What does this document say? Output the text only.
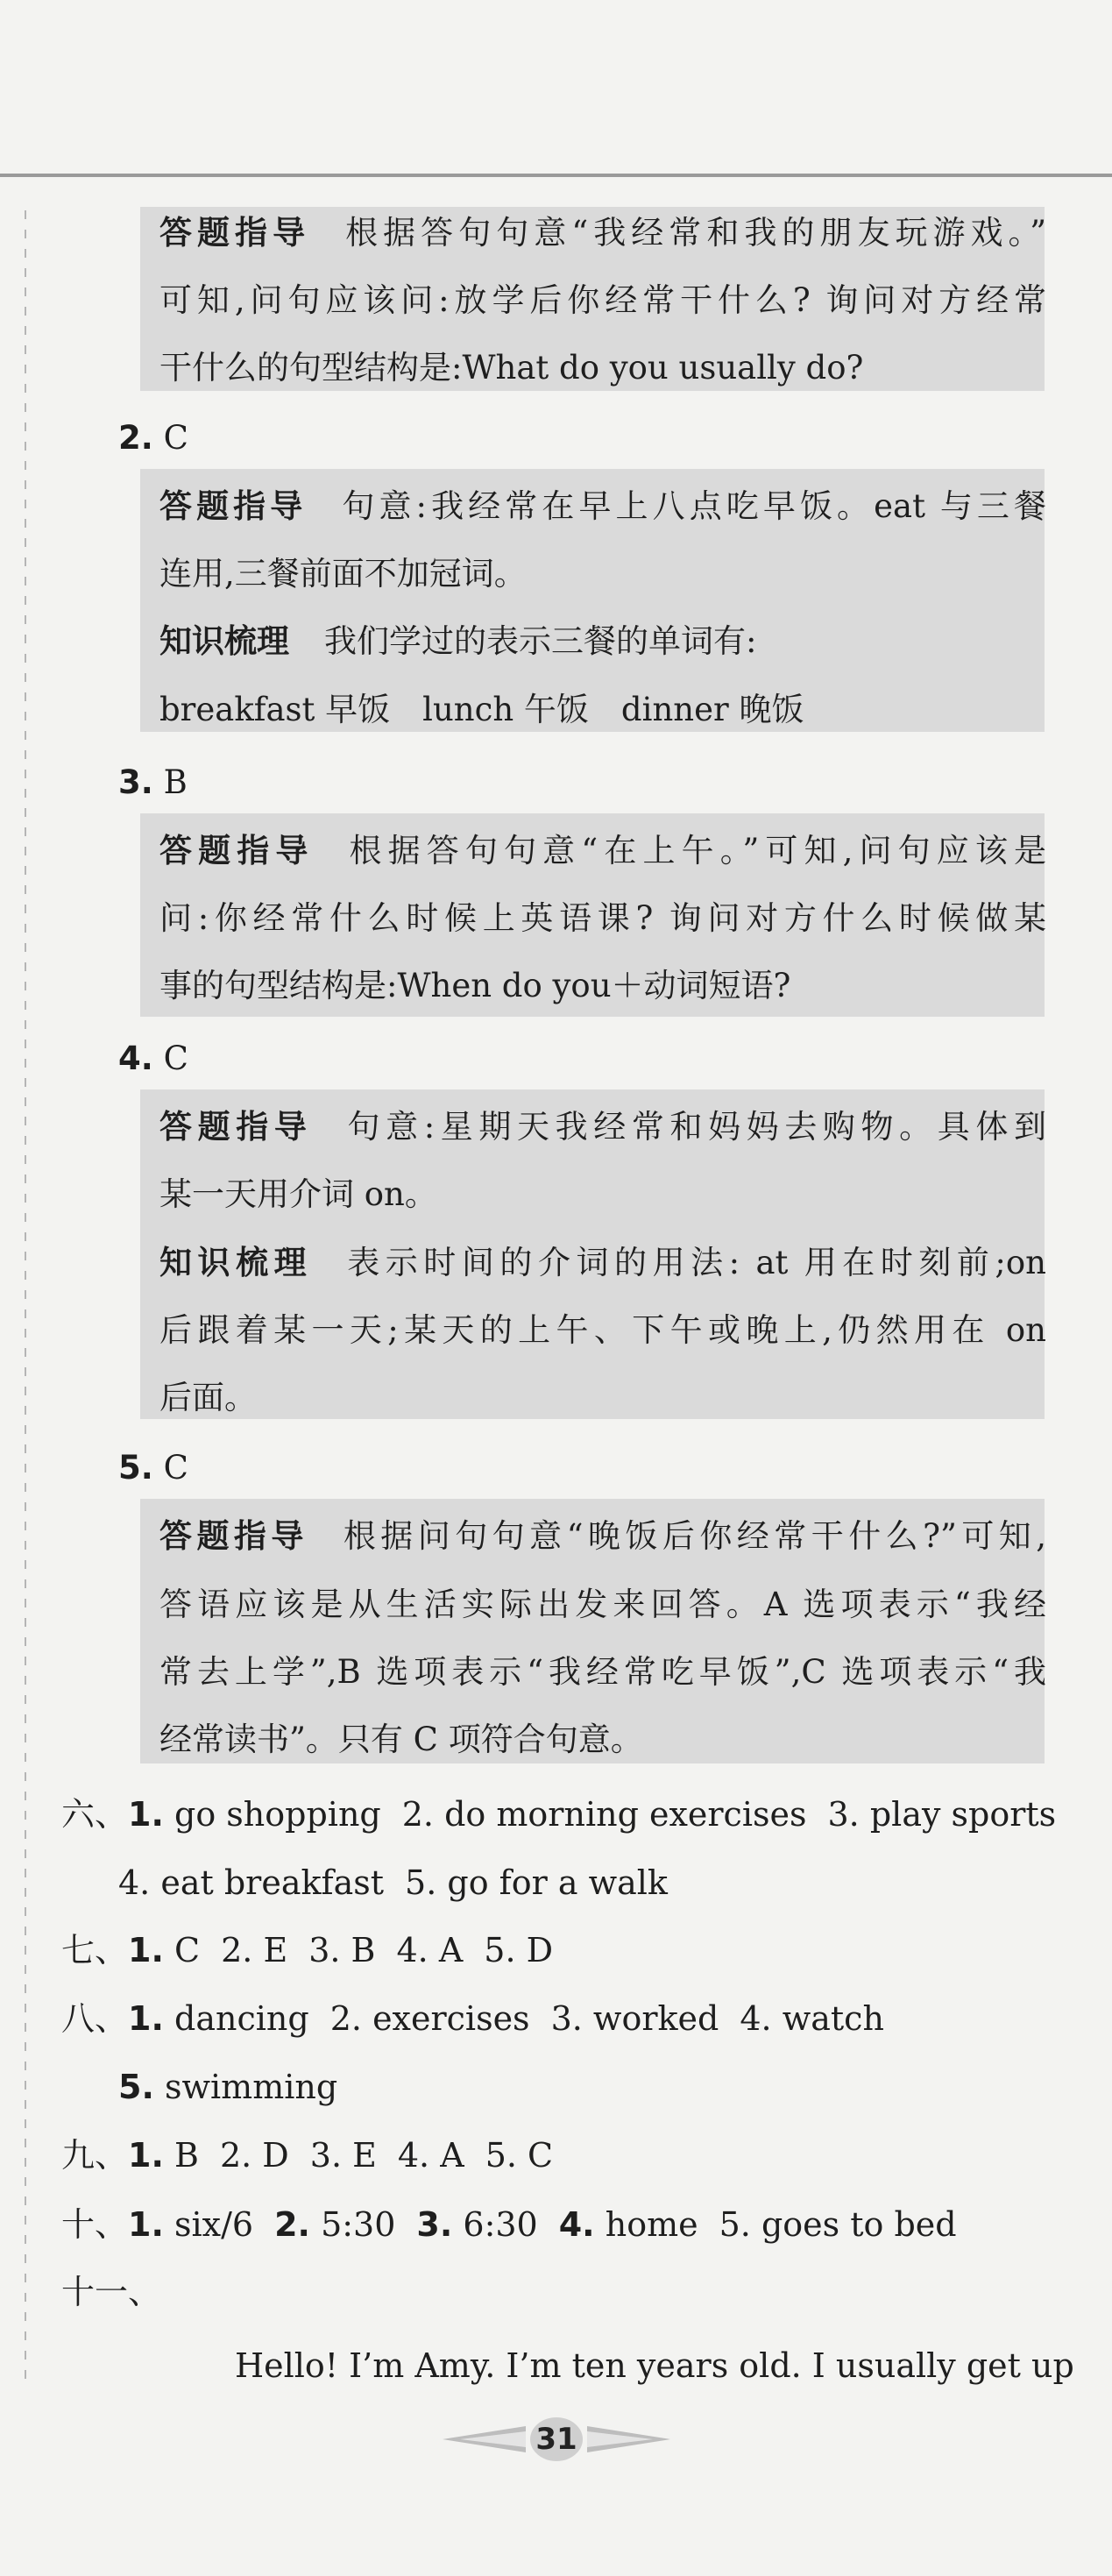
答题指导 根据答句句意“我经常和我的朋友玩游戏。”
可知,问句应该问:放学后你经常干什么? 询问对方经常
干什么的句型结构是:What do you usually do?
2. C
答题指导 句意:我经常在早上八点吃早饭。eat 与三餐
连用,三餐前面不加冠词。
知识梳理 我们学过的表示三餐的单词有:
breakfast 早饭　lunch 午饭　dinner 晚饭
3. B
答题指导 根据答句句意“在上午。”可知,问句应该是
问:你经常什么时候上英语课? 询问对方什么时候做某
事的句型结构是:When do you＋动词短语?
4. C
答题指导 句意:星期天我经常和妈妈去购物。具体到
某一天用介词 on。
知识梳理 表示时间的介词的用法: at 用在时刻前;on
后跟着某一天;某天的上午、下午或晚上,仍然用在 on
后面。
5. C
答题指导 根据问句句意“晚饭后你经常干什么?”可知,
答语应该是从生活实际出发来回答。A 选项表示“我经
常去上学”,B 选项表示“我经常吃早饭”,C 选项表示“我
经常读书”。只有 C 项符合句意。
六、1. go shopping 2. do morning exercises 3. play sports
4. eat breakfast 5. go for a walk
七、1. C 2. E 3. B 4. A 5. D
八、1. dancing 2. exercises 3. worked 4. watch
5. swimming
九、1. B 2. D 3. E 4. A 5. C
十、1. six/6 2. 5:30 3. 6:30 4. home 5. goes to bed
十一、
Hello! I’m Amy. I’m ten years old. I usually get up
31
